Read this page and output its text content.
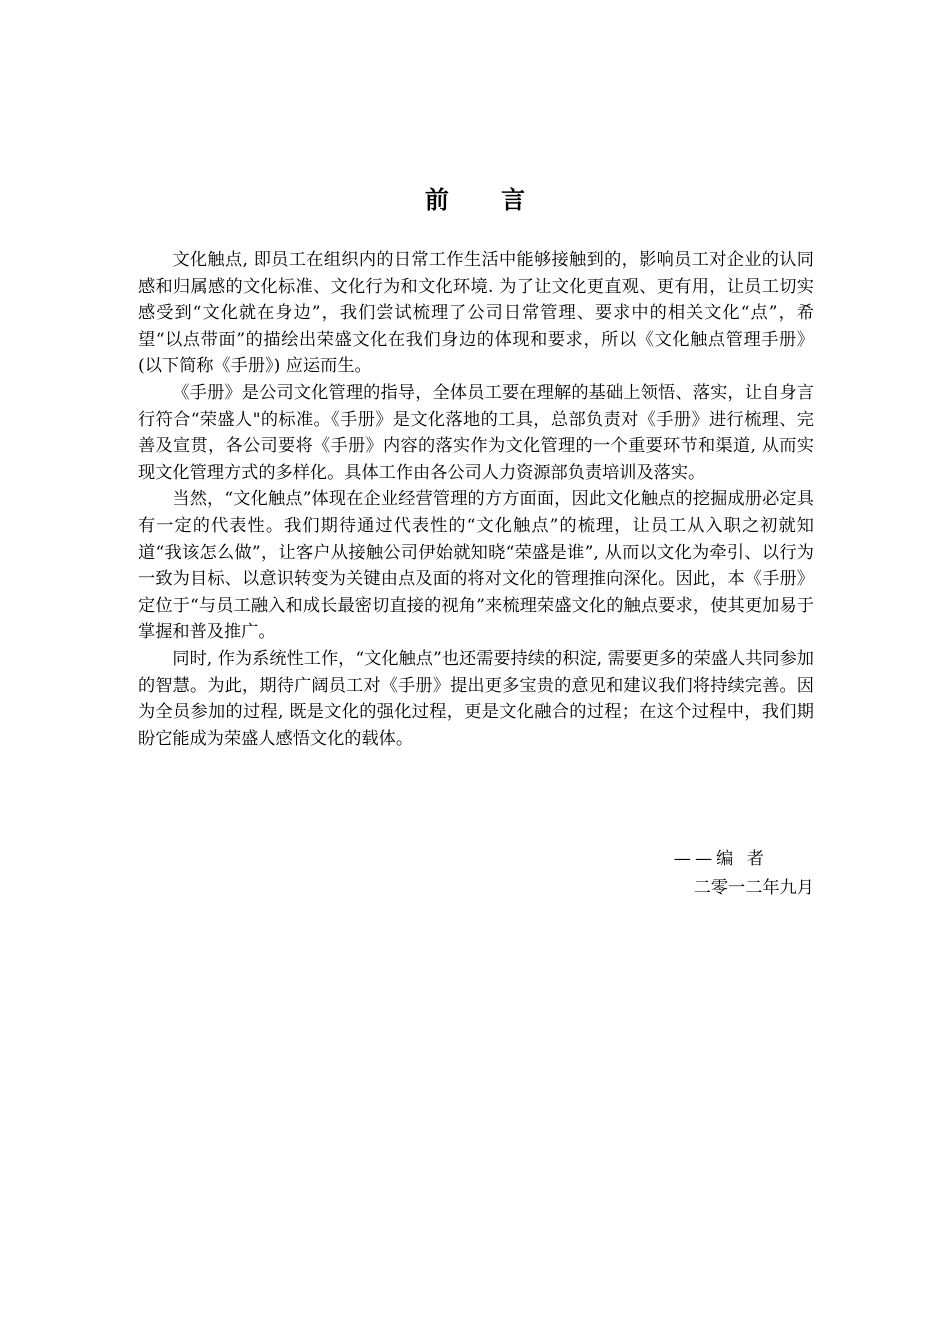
前 言

文化触点, 即员工在组织内的日常工作生活中能够接触到的，影响员工对企业的认同感和归属感的文化标准、文化行为和文化环境. 为了让文化更直观、更有用，让员工切实感受到“文化就在身边”，我们尝试梳理了公司日常管理、要求中的相关文化“点”，希望“以点带面”的描绘出荣盛文化在我们身边的体现和要求，所以《文化触点管理手册》(以下简称《手册》) 应运而生。

《手册》是公司文化管理的指导，全体员工要在理解的基础上领悟、落实，让自身言行符合“荣盛人"的标准。《手册》是文化落地的工具，总部负责对《手册》进行梳理、完善及宣贯，各公司要将《手册》内容的落实作为文化管理的一个重要环节和渠道, 从而实现文化管理方式的多样化。具体工作由各公司人力资源部负责培训及落实。

当然，“文化触点”体现在企业经营管理的方方面面，因此文化触点的挖掘成册必定具有一定的代表性。我们期待通过代表性的“文化触点”的梳理，让员工从入职之初就知道“我该怎么做”，让客户从接触公司伊始就知晓“荣盛是谁”, 从而以文化为牵引、以行为一致为目标、以意识转变为关键由点及面的将对文化的管理推向深化。因此，本《手册》定位于“与员工融入和成长最密切直接的视角”来梳理荣盛文化的触点要求，使其更加易于掌握和普及推广。

同时, 作为系统性工作，“文化触点”也还需要持续的积淀, 需要更多的荣盛人共同参加的智慧。为此，期待广阔员工对《手册》提出更多宝贵的意见和建议我们将持续完善。因为全员参加的过程, 既是文化的强化过程，更是文化融合的过程；在这个过程中，我们期盼它能成为荣盛人感悟文化的载体。

——编 者
二零一二年九月
